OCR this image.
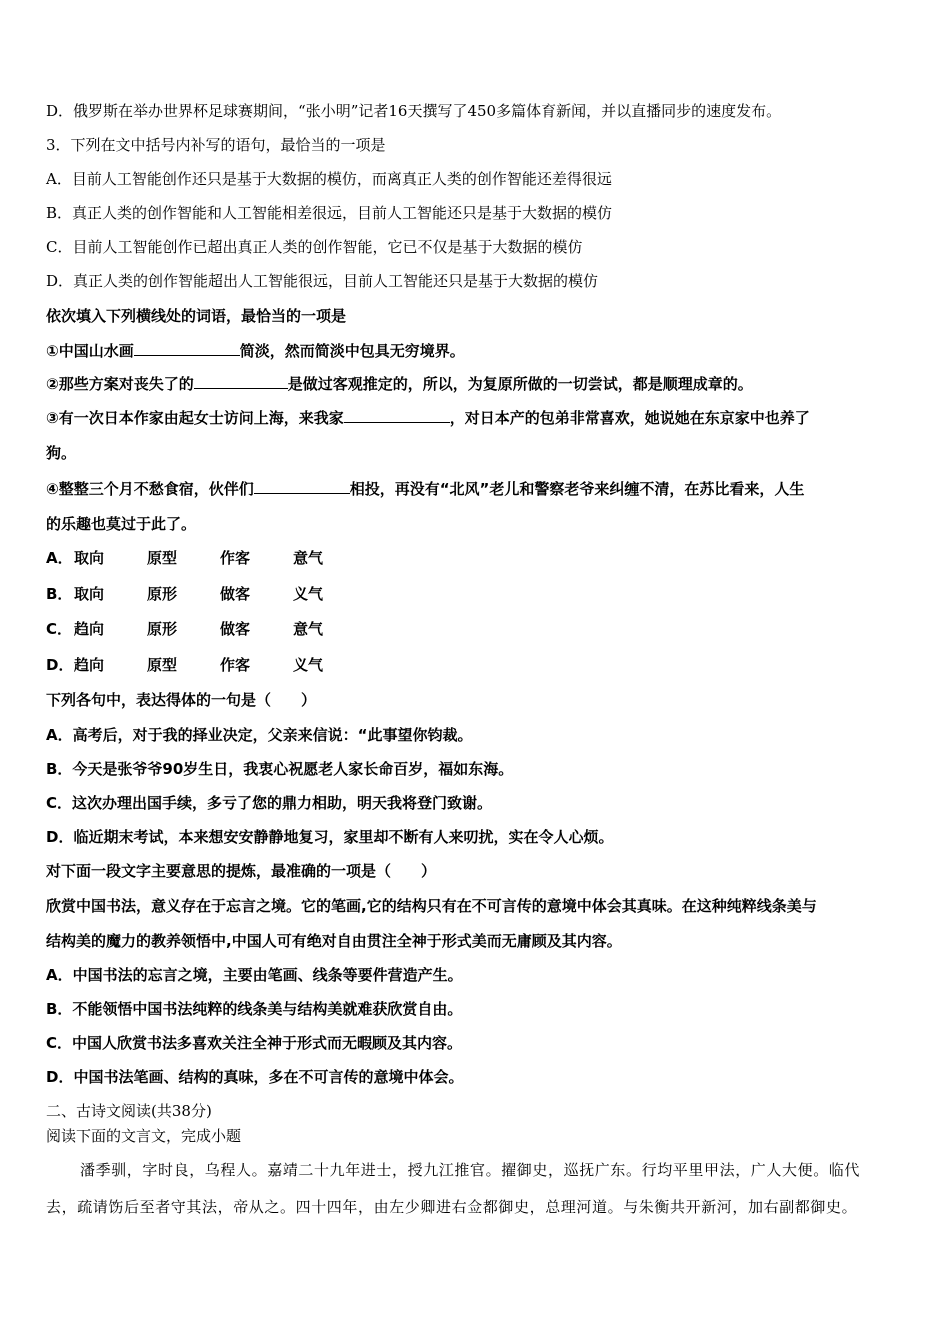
D．俄罗斯在举办世界杯足球赛期间，“张小明”记者16天撰写了450多篇体育新闻，并以直播同步的速度发布。
3．下列在文中括号内补写的语句，最恰当的一项是
A．目前人工智能创作还只是基于大数据的模仿，而离真正人类的创作智能还差得很远
B．真正人类的创作智能和人工智能相差很远，目前人工智能还只是基于大数据的模仿
C．目前人工智能创作已超出真正人类的创作智能，它已不仅是基于大数据的模仿
D．真正人类的创作智能超出人工智能很远，目前人工智能还只是基于大数据的模仿
依次填入下列横线处的词语，最恰当的一项是
①中国山水画	简淡，然而简淡中包具无穷境界。
②那些方案对丧失了的	是做过客观推定的，所以，为复原所做的一切尝试，都是顺理成章的。
③有一次日本作家由起女士访问上海，来我家	，对日本产的包弟非常喜欢，她说她在东京家中也养了
狗。
④整整三个月不愁食宿，伙伴们	相投，再没有“北风”老儿和警察老爷来纠缠不清，在苏比看来，人生
的乐趣也莫过于此了。
A．取向	原型	作客	意气
B． 取向	原形	做客	义气
C． 趋向	原形	做客	意气
D．趋向	原型	作客	义气
下列各句中，表达得体的一句是（　　）
A．高考后，对于我的择业决定，父亲来信说：“此事望你钧裁。
B．今天是张爷爷90岁生日，我衷心祝愿老人家长命百岁，福如东海。
C．这次办理出国手续，多亏了您的鼎力相助，明天我将登门致谢。
D．临近期末考试，本来想安安静静地复习，家里却不断有人来叨扰，实在令人心烦。
对下面一段文字主要意思的提炼，最准确的一项是（　　）
欣赏中国书法，意义存在于忘言之境。它的笔画,它的结构只有在不可言传的意境中体会其真味。在这种纯粹线条美与
结构美的魔力的教养领悟中,中国人可有绝对自由贯注全神于形式美而无庸顾及其内容。
A．中国书法的忘言之境，主要由笔画、线条等要件营造产生。
B．不能领悟中国书法纯粹的线条美与结构美就难获欣赏自由。
C．中国人欣赏书法多喜欢关注全神于形式而无暇顾及其内容。
D．中国书法笔画、结构的真味，多在不可言传的意境中体会。
二、古诗文阅读(共38分)
阅读下面的文言文，完成小题
潘季驯，字时良，乌程人。嘉靖二十九年进士，授九江推官。擢御史，巡抚广东。行均平里甲法，广人大便。临代
去，疏请饬后至者守其法，帝从之。四十四年，由左少卿进右佥都御史，总理河道。与朱衡共开新河，加右副都御史。
